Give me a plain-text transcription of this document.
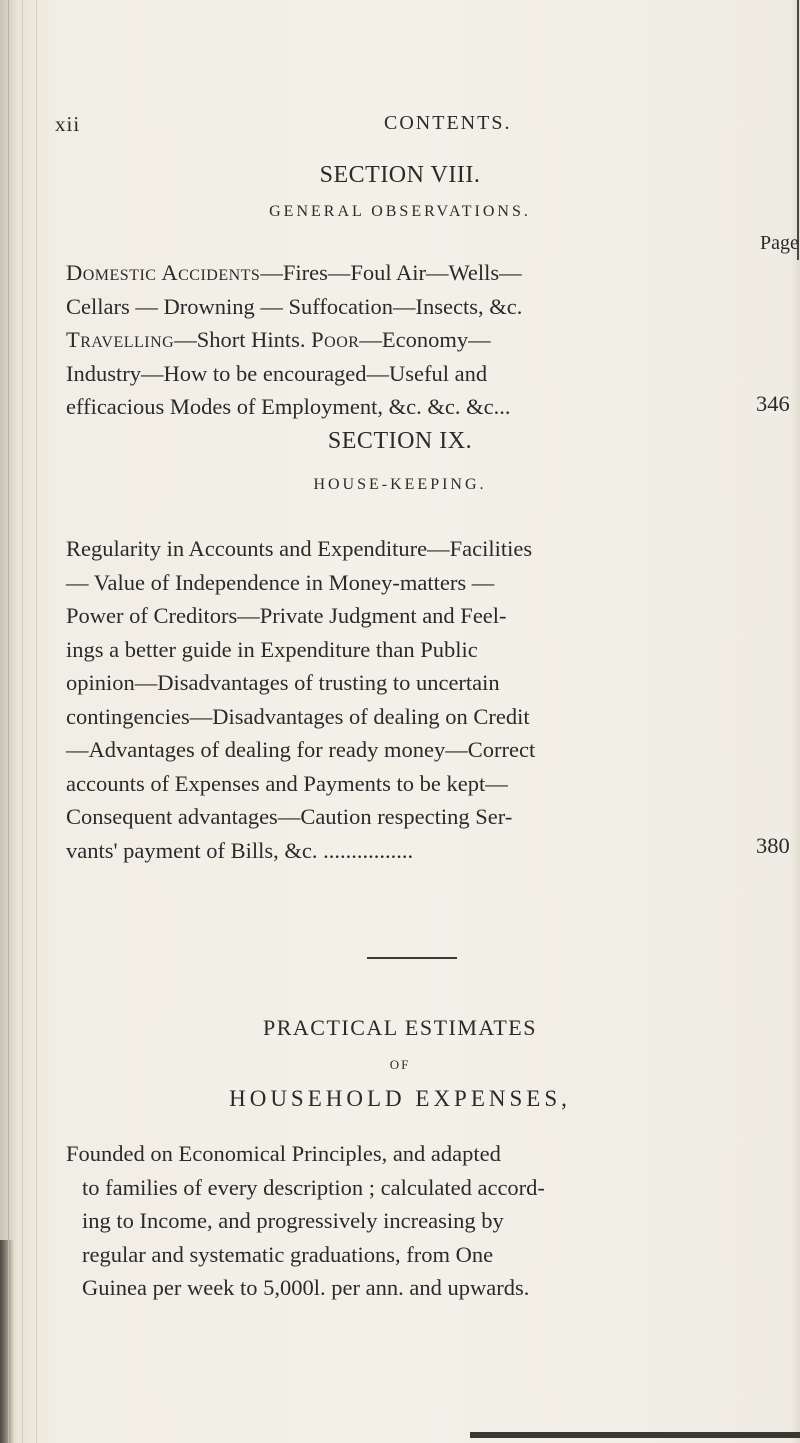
xii	CONTENTS.
SECTION VIII.
GENERAL OBSERVATIONS.
Page
Domestic Accidents—Fires—Foul Air—Wells—
Cellars — Drowning — Suffocation—Insects, &c.
Travelling—Short Hints. Poor—Economy—
Industry—How to be encouraged—Useful and
efficacious Modes of Employment, &c. &c. &c...	346
SECTION IX.
HOUSE-KEEPING.
Regularity in Accounts and Expenditure—Facilities
— Value of Independence in Money-matters —
Power of Creditors—Private Judgment and Feel-
ings a better guide in Expenditure than Public
opinion—Disadvantages of trusting to uncertain
contingencies—Disadvantages of dealing on Credit
—Advantages of dealing for ready money—Correct
accounts of Expenses and Payments to be kept—
Consequent advantages—Caution respecting Ser-
vants' payment of Bills, &c. ................	380
PRACTICAL ESTIMATES
OF
HOUSEHOLD EXPENSES,
Founded on Economical Principles, and adapted
to families of every description ; calculated accord-
ing to Income, and progressively increasing by
regular and systematic graduations, from One
Guinea per week to 5,000l. per ann. and upwards.
